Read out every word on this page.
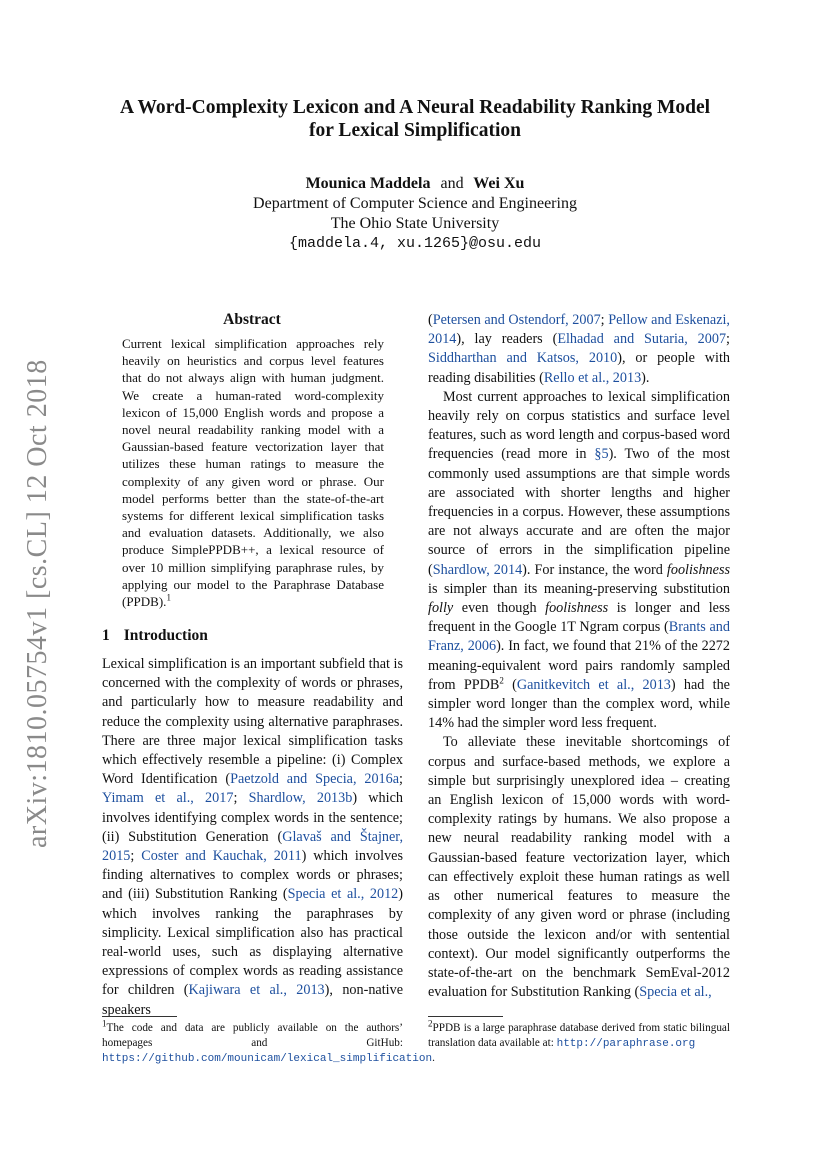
A Word-Complexity Lexicon and A Neural Readability Ranking Model
for Lexical Simplification
Mounica Maddela and Wei Xu
Department of Computer Science and Engineering
The Ohio State University
{maddela.4, xu.1265}@osu.edu
arXiv:1810.05754v1 [cs.CL] 12 Oct 2018
Abstract
Current lexical simplification approaches rely heavily on heuristics and corpus level features that do not always align with human judgment. We create a human-rated word-complexity lexicon of 15,000 English words and propose a novel neural readability ranking model with a Gaussian-based feature vectorization layer that utilizes these human ratings to measure the complexity of any given word or phrase. Our model performs better than the state-of-the-art systems for different lexical simplification tasks and evaluation datasets. Additionally, we also produce SimplePPDB++, a lexical resource of over 10 million simplifying paraphrase rules, by applying our model to the Paraphrase Database (PPDB).$^1$
1 Introduction

Lexical simplification is an important subfield that is concerned with the complexity of words or phrases, and particularly how to measure readability and reduce the complexity using alternative paraphrases. There are three major lexical simplification tasks which effectively resemble a pipeline: (i) Complex Word Identification (Paetzold and Specia, 2016a; Yimam et al., 2017; Shardlow, 2013b) which involves identifying complex words in the sentence; (ii) Substitution Generation (Glavaš and Štajner, 2015; Coster and Kauchak, 2011) which involves finding alternatives to complex words or phrases; and (iii) Substitution Ranking (Specia et al., 2012) which involves ranking the paraphrases by simplicity. Lexical simplification also has practical real-world uses, such as displaying alternative expressions of complex words as reading assistance for children (Kajiwara et al., 2013), non-native speakers

$^1$The code and data are publicly available on the authors’ homepages and GitHub: https://github.com/mounicam/lexical_simplification.

(Petersen and Ostendorf, 2007; Pellow and Eskenazi, 2014), lay readers (Elhadad and Sutaria, 2007; Siddharthan and Katsos, 2010), or people with reading disabilities (Rello et al., 2013).

Most current approaches to lexical simplification heavily rely on corpus statistics and surface level features, such as word length and corpus-based word frequencies (read more in §5). Two of the most commonly used assumptions are that simple words are associated with shorter lengths and higher frequencies in a corpus. However, these assumptions are not always accurate and are often the major source of errors in the simplification pipeline (Shardlow, 2014). For instance, the word foolishness is simpler than its meaning-preserving substitution folly even though foolishness is longer and less frequent in the Google 1T Ngram corpus (Brants and Franz, 2006). In fact, we found that 21% of the 2272 meaning-equivalent word pairs randomly sampled from PPDB$^2$ (Ganitkevitch et al., 2013) had the simpler word longer than the complex word, while 14% had the simpler word less frequent.

To alleviate these inevitable shortcomings of corpus and surface-based methods, we explore a simple but surprisingly unexplored idea – creating an English lexicon of 15,000 words with word-complexity ratings by humans. We also propose a new neural readability ranking model with a Gaussian-based feature vectorization layer, which can effectively exploit these human ratings as well as other numerical features to measure the complexity of any given word or phrase (including those outside the lexicon and/or with sentential context). Our model significantly outperforms the state-of-the-art on the benchmark SemEval-2012 evaluation for Substitution Ranking (Specia et al.,

$^2$PPDB is a large paraphrase database derived from static bilingual translation data available at: http://paraphrase.org
